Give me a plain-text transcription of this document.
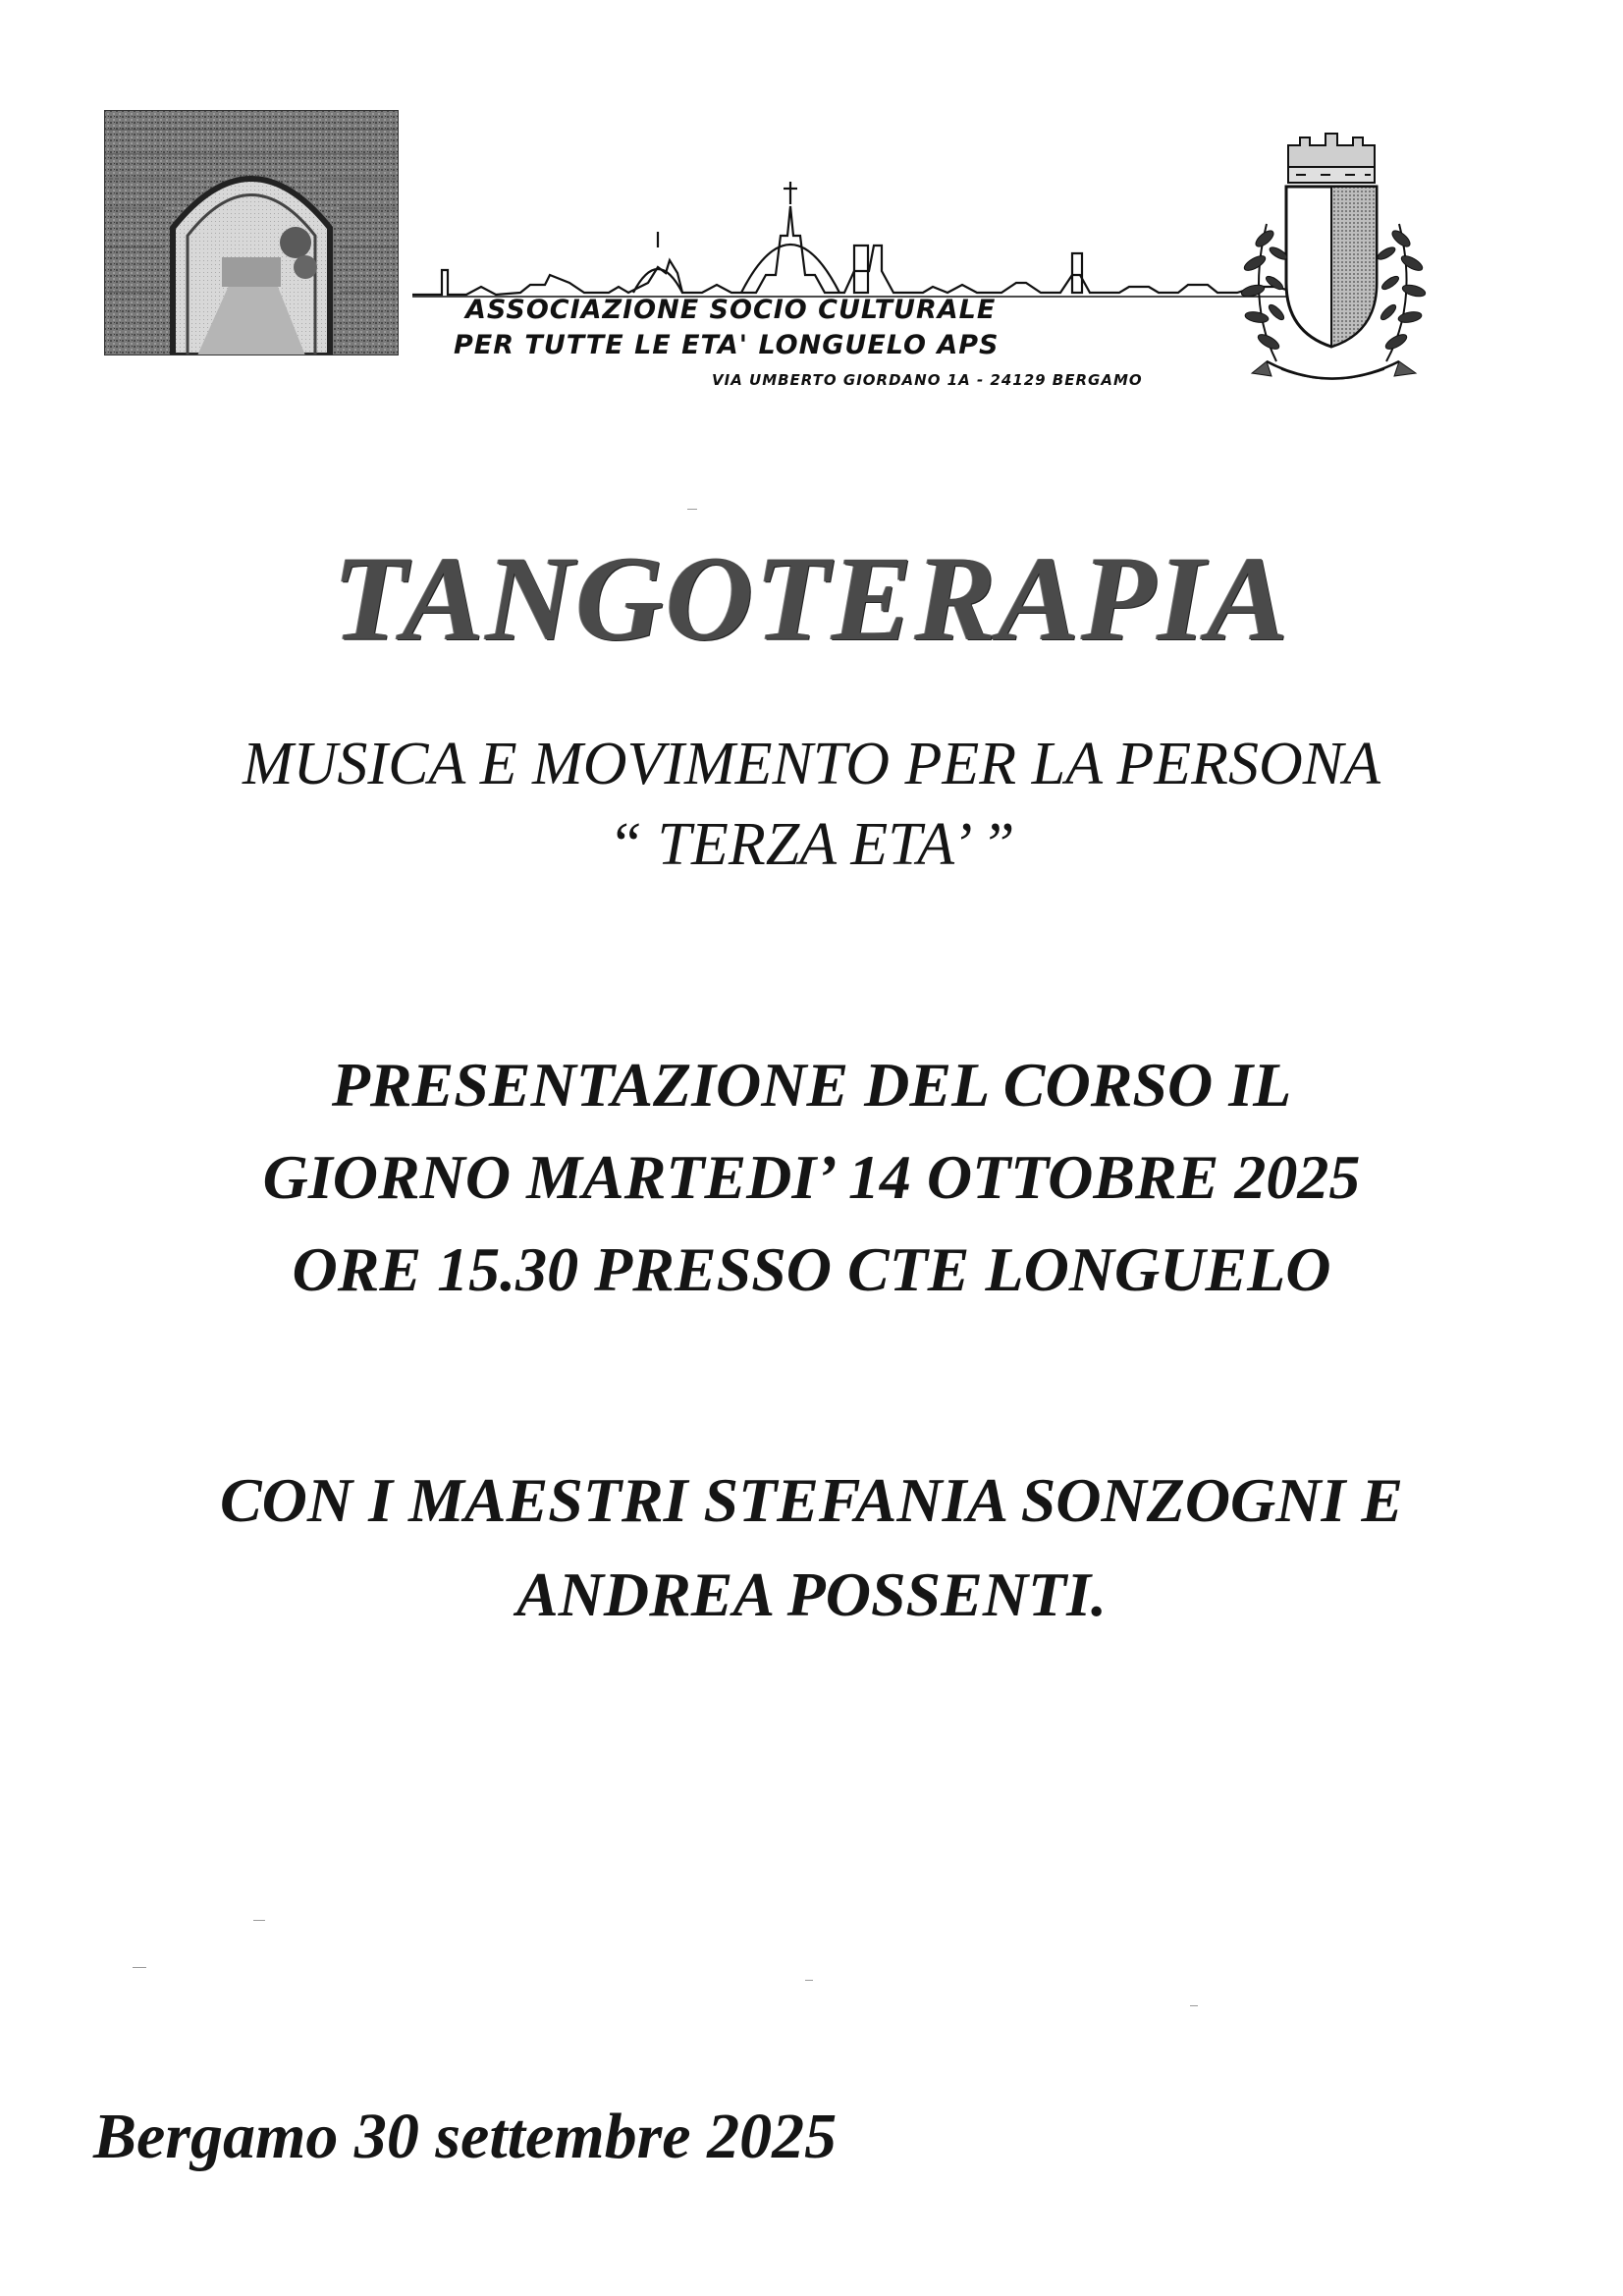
ASSOCIAZIONE SOCIO CULTURALE
PER TUTTE LE ETA' LONGUELO APS
VIA UMBERTO GIORDANO 1A - 24129 BERGAMO
TANGOTERAPIA
MUSICA E MOVIMENTO PER LA PERSONA
“ TERZA ETA’ ”
PRESENTAZIONE DEL CORSO IL
GIORNO MARTEDI’ 14 OTTOBRE 2025
ORE 15.30 PRESSO CTE LONGUELO
CON I MAESTRI STEFANIA SONZOGNI E
ANDREA POSSENTI.
Bergamo 30 settembre 2025
